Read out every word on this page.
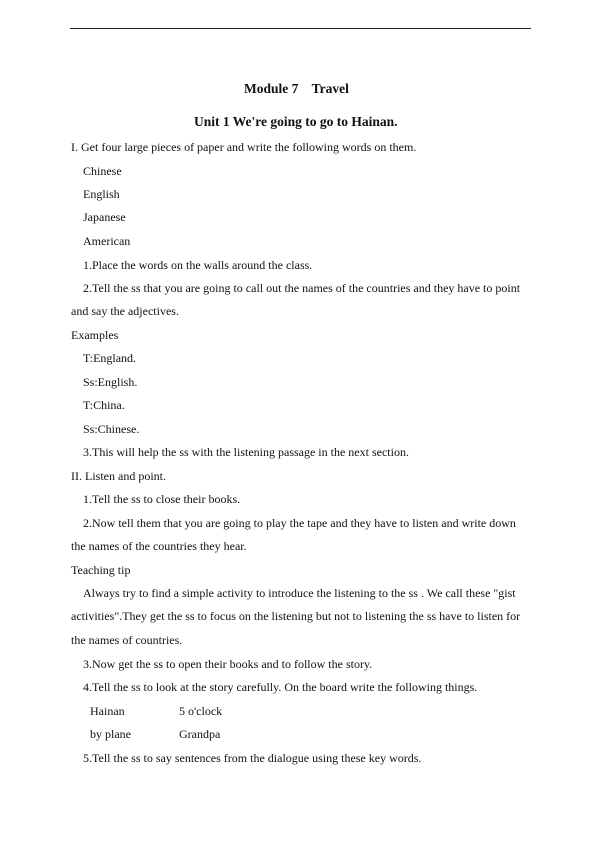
Module 7    Travel
Unit 1 We're going to go to Hainan.
I. Get four large pieces of paper and write the following words on them.
Chinese
English
Japanese
American
1.Place the words on the walls around the class.
2.Tell the ss that you are going to call out the names of the countries and they have to point
and say the adjectives.
Examples
T:England.
Ss:English.
T:China.
Ss:Chinese.
3.This will help the ss with the listening passage in the next section.
II. Listen and point.
1.Tell the ss to close their books.
2.Now tell them that you are going to play the tape and they have to listen and write down
the names of the countries they hear.
Teaching tip
Always try to find a simple activity to introduce the listening to the ss . We call these "gist
activities".They get the ss to focus on the listening but not to listening the ss have to listen for
the names of countries.
3.Now get the ss to open their books and to follow the story.
4.Tell the ss to look at the story carefully. On the board write the following things.
Hainan	5 o'clock
by plane	Grandpa
5.Tell the ss to say sentences from the dialogue using these key words.
